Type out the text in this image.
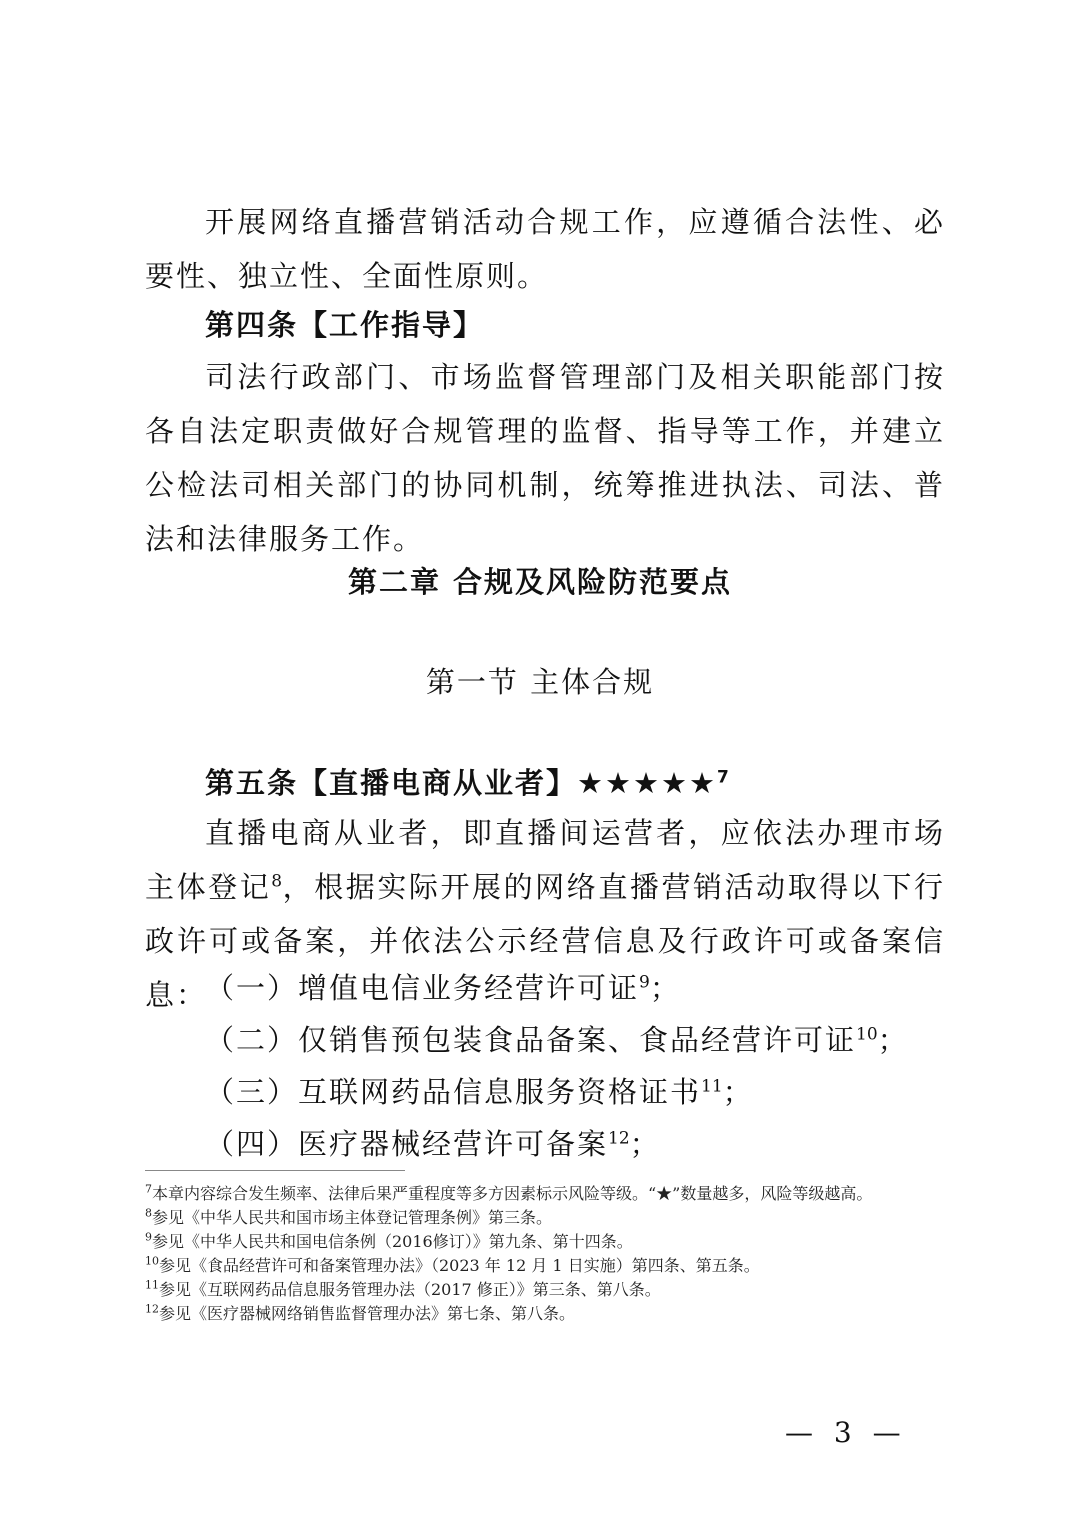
开展网络直播营销活动合规工作，应遵循合法性、必要性、独立性、全面性原则。
第四条【工作指导】
司法行政部门、市场监督管理部门及相关职能部门按各自法定职责做好合规管理的监督、指导等工作，并建立公检法司相关部门的协同机制，统筹推进执法、司法、普法和法律服务工作。
第二章 合规及风险防范要点
第一节 主体合规
第五条【直播电商从业者】★★★★★$^7$
直播电商从业者，即直播间运营者，应依法办理市场主体登记$^8$，根据实际开展的网络直播营销活动取得以下行政许可或备案，并依法公示经营信息及行政许可或备案信息：
（一）增值电信业务经营许可证$^9$；
（二）仅销售预包装食品备案、食品经营许可证$^{10}$；
（三）互联网药品信息服务资格证书$^{11}$；
（四）医疗器械经营许可备案$^{12}$；

$^7$本章内容综合发生频率、法律后果严重程度等多方因素标示风险等级。“★”数量越多，风险等级越高。

$^8$参见《中华人民共和国市场主体登记管理条例》第三条。

$^9$参见《中华人民共和国电信条例（2016修订）》第九条、第十四条。

$^{10}$参见《食品经营许可和备案管理办法》（2023 年 12 月 1 日实施）第四条、第五条。

$^{11}$参见《互联网药品信息服务管理办法（2017 修正）》第三条、第八条。

$^{12}$参见《医疗器械网络销售监督管理办法》第七条、第八条。

— 3 —
